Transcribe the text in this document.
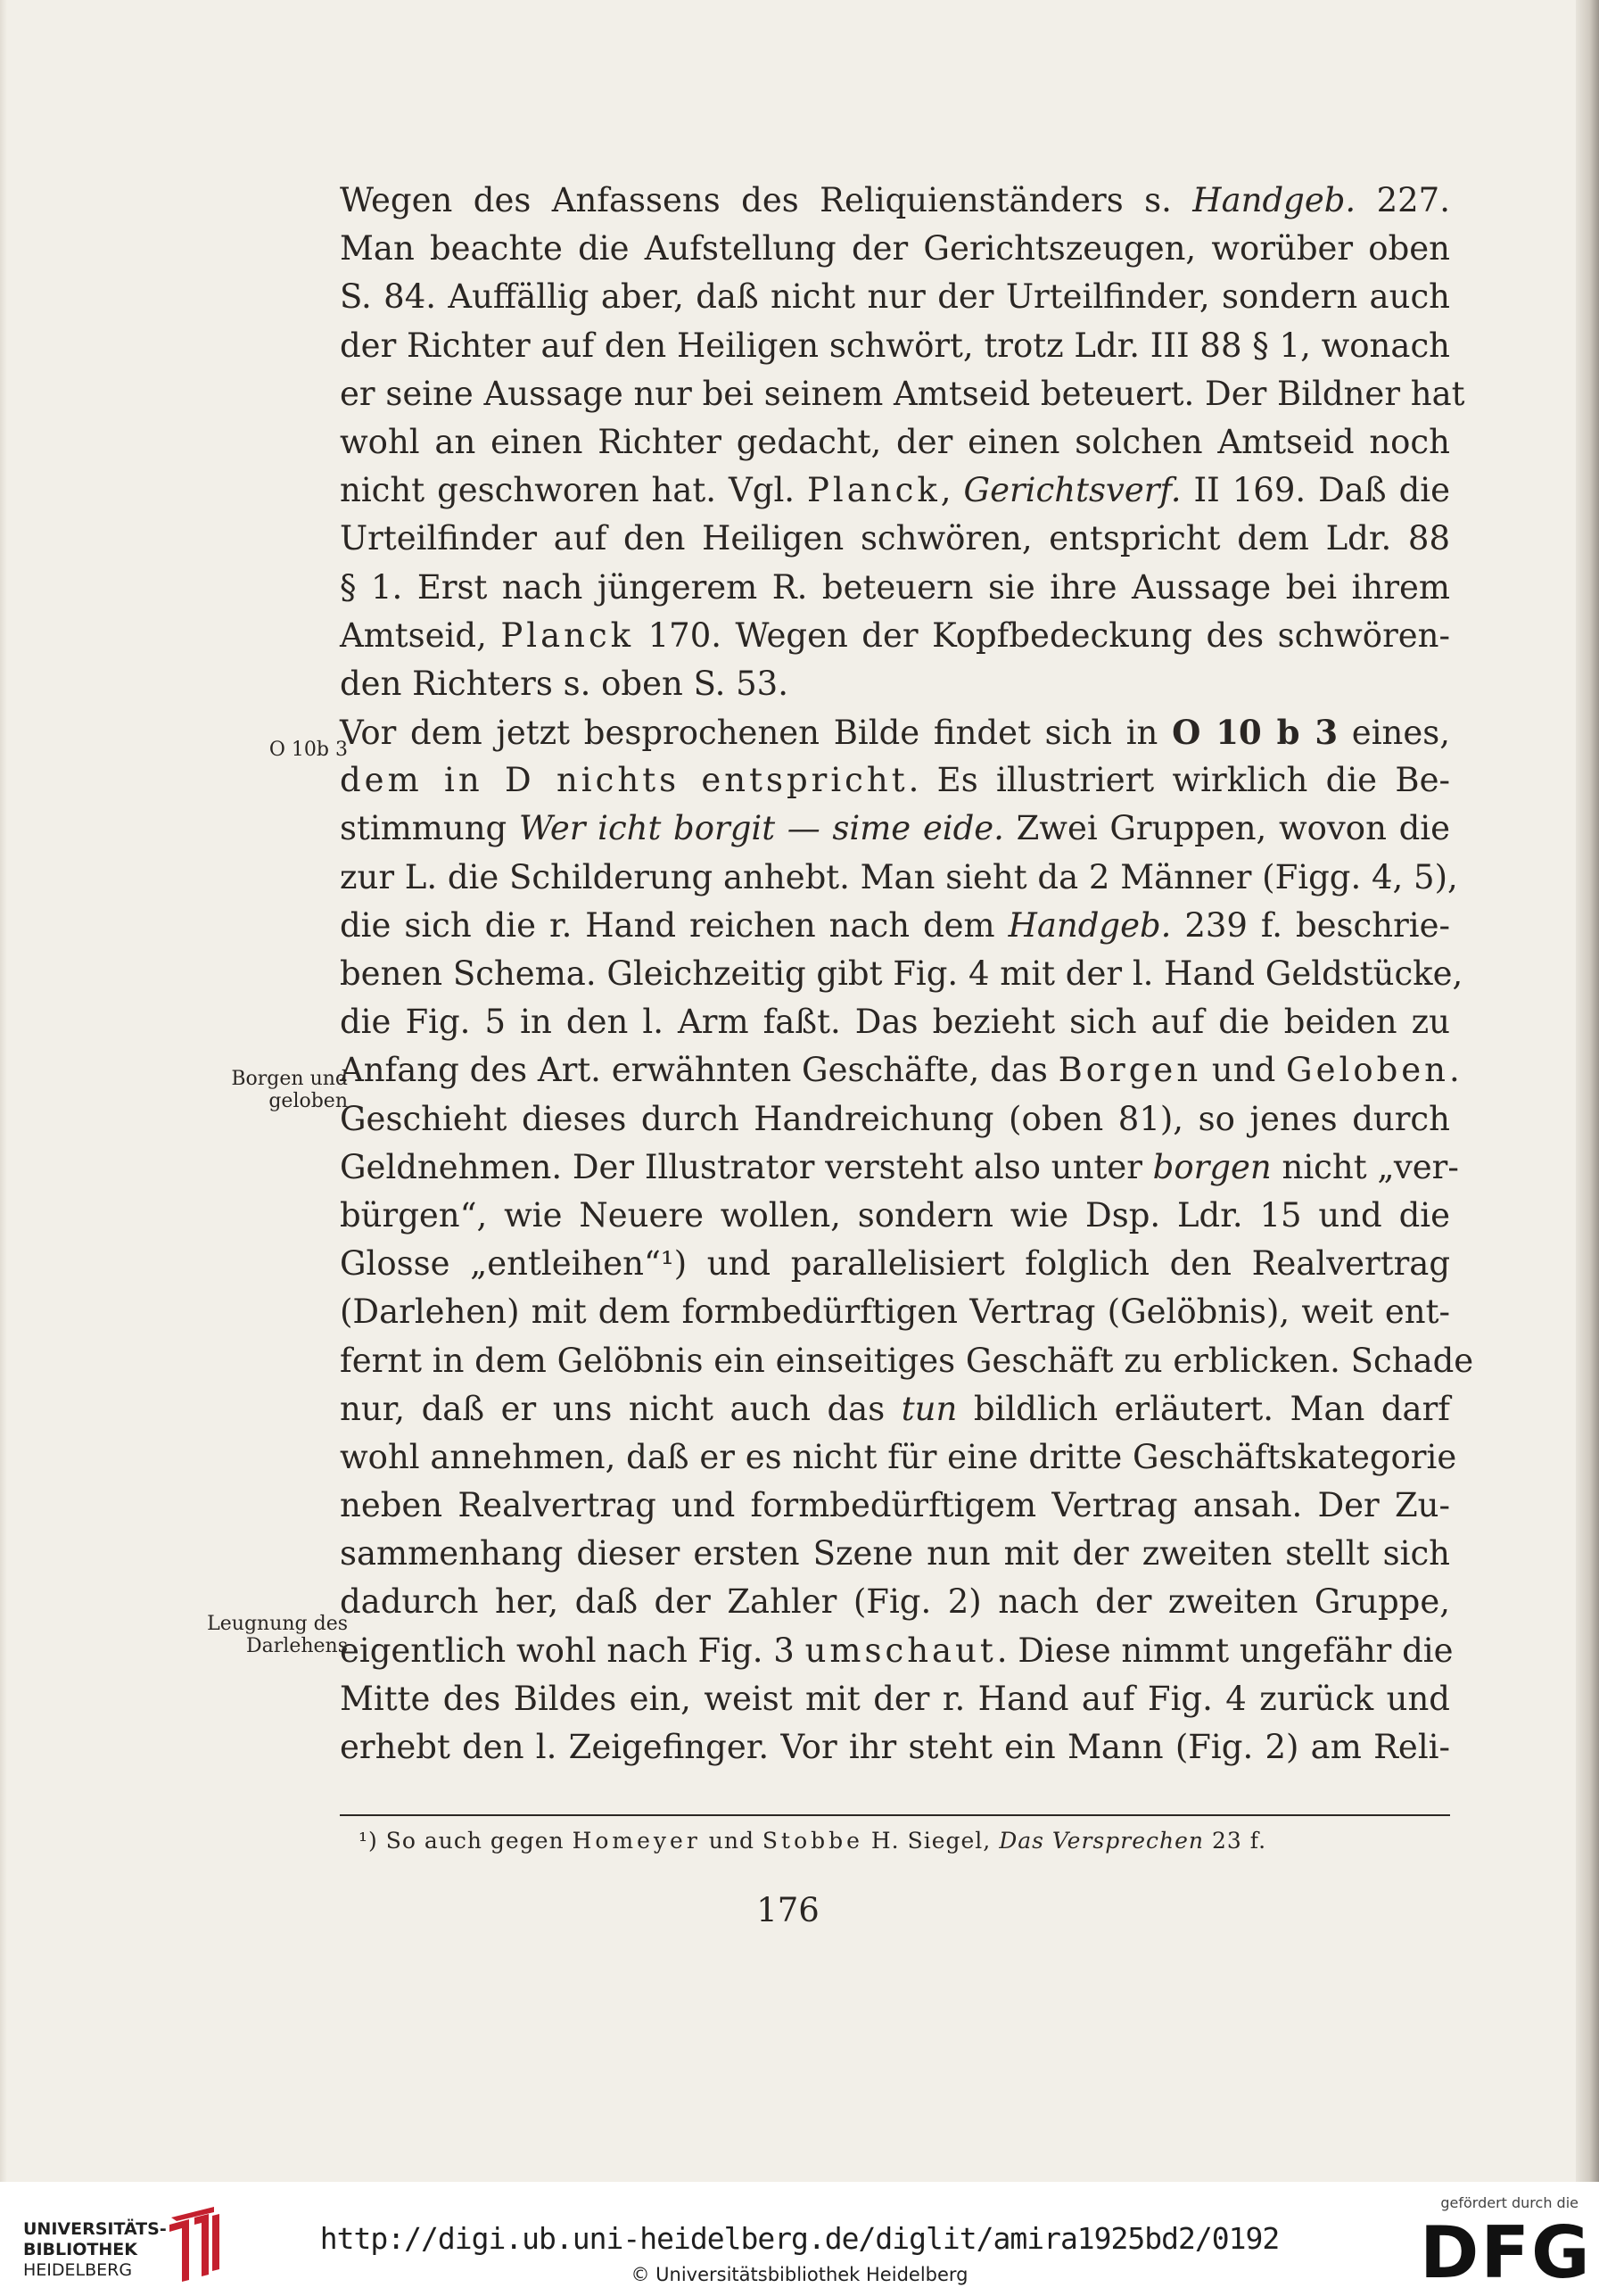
Wegen des Anfassens des Reliquienständers s. Handgeb. 227.
Man beachte die Aufstellung der Gerichtszeugen, worüber oben
S. 84. Auffällig aber, daß nicht nur der Urteilfinder, sondern auch
der Richter auf den Heiligen schwört, trotz Ldr. III 88 § 1, wonach
er seine Aussage nur bei seinem Amtseid beteuert. Der Bildner hat
wohl an einen Richter gedacht, der einen solchen Amtseid noch
nicht geschworen hat. Vgl. Planck, Gerichtsverf. II 169. Daß die
Urteilfinder auf den Heiligen schwören, entspricht dem Ldr. 88
§ 1. Erst nach jüngerem R. beteuern sie ihre Aussage bei ihrem
Amtseid, Planck 170. Wegen der Kopfbedeckung des schwören-
den Richters s. oben S. 53.
Vor dem jetzt besprochenen Bilde findet sich in O 10 b 3 eines,
dem in D nichts entspricht. Es illustriert wirklich die Be-
stimmung Wer icht borgit — sime eide. Zwei Gruppen, wovon die
zur L. die Schilderung anhebt. Man sieht da 2 Männer (Figg. 4, 5),
die sich die r. Hand reichen nach dem Handgeb. 239 f. beschrie-
benen Schema. Gleichzeitig gibt Fig. 4 mit der l. Hand Geldstücke,
die Fig. 5 in den l. Arm faßt. Das bezieht sich auf die beiden zu
Anfang des Art. erwähnten Geschäfte, das Borgen und Geloben.
Geschieht dieses durch Handreichung (oben 81), so jenes durch
Geldnehmen. Der Illustrator versteht also unter borgen nicht „ver-
bürgen“, wie Neuere wollen, sondern wie Dsp. Ldr. 15 und die
Glosse „entleihen“¹) und parallelisiert folglich den Realvertrag
(Darlehen) mit dem formbedürftigen Vertrag (Gelöbnis), weit ent-
fernt in dem Gelöbnis ein einseitiges Geschäft zu erblicken. Schade
nur, daß er uns nicht auch das tun bildlich erläutert. Man darf
wohl annehmen, daß er es nicht für eine dritte Geschäftskategorie
neben Realvertrag und formbedürftigem Vertrag ansah. Der Zu-
sammenhang dieser ersten Szene nun mit der zweiten stellt sich
dadurch her, daß der Zahler (Fig. 2) nach der zweiten Gruppe,
eigentlich wohl nach Fig. 3 umschaut. Diese nimmt ungefähr die
Mitte des Bildes ein, weist mit der r. Hand auf Fig. 4 zurück und
erhebt den l. Zeigefinger. Vor ihr steht ein Mann (Fig. 2) am Reli-
O 10b 3
Borgen und
geloben
Leugnung des
Darlehens
¹) So auch gegen Homeyer und Stobbe H. Siegel, Das Versprechen 23 f.
176
UNIVERSITÄTS-
BIBLIOTHEK
HEIDELBERG
http://digi.ub.uni-heidelberg.de/diglit/amira1925bd2/0192
© Universitätsbibliothek Heidelberg
gefördert durch die
DFG
